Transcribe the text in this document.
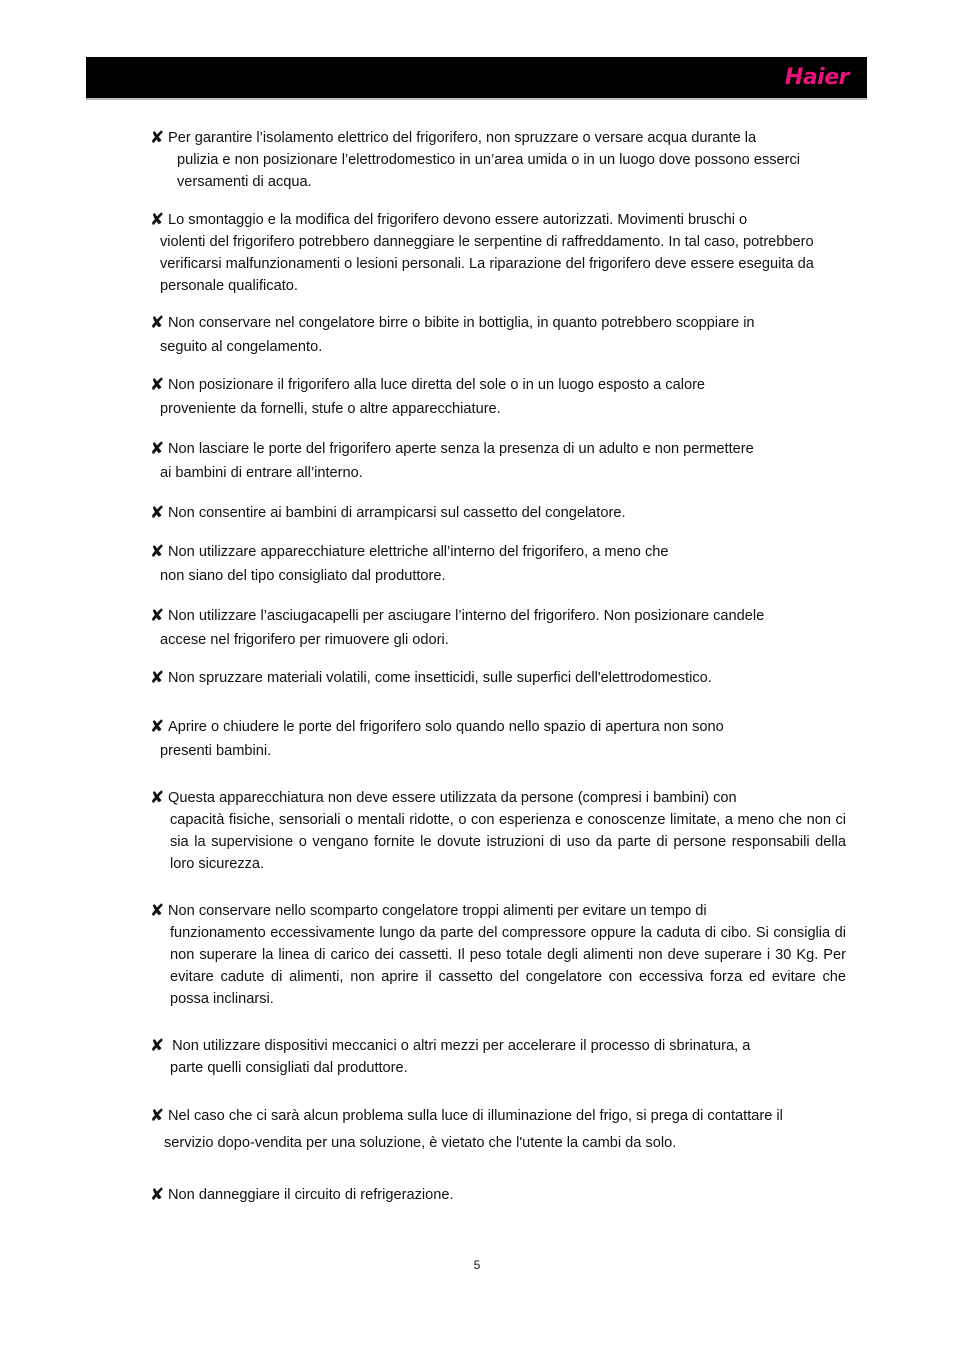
Haier

✘ Per garantire l’isolamento elettrico del frigorifero, non spruzzare o versare acqua durante la
pulizia e non posizionare l’elettrodomestico in un’area umida o in un luogo dove possono esserci versamenti di acqua.

✘ Lo smontaggio e la modifica del frigorifero devono essere autorizzati. Movimenti bruschi o
violenti del frigorifero potrebbero danneggiare le serpentine di raffreddamento. In tal caso, potrebbero verificarsi malfunzionamenti o lesioni personali. La riparazione del frigorifero deve essere eseguita da personale qualificato.

✘ Non conservare nel congelatore birre o bibite in bottiglia, in quanto potrebbero scoppiare in
seguito al congelamento.

✘ Non posizionare il frigorifero alla luce diretta del sole o in un luogo esposto a calore
proveniente da fornelli, stufe o altre apparecchiature.

✘ Non lasciare le porte del frigorifero aperte senza la presenza di un adulto e non permettere
ai bambini di entrare all’interno.

✘ Non consentire ai bambini di arrampicarsi sul cassetto del congelatore.

✘ Non utilizzare apparecchiature elettriche all’interno del frigorifero, a meno che
non siano del tipo consigliato dal produttore.

✘ Non utilizzare l’asciugacapelli per asciugare l’interno del frigorifero. Non posizionare candele
accese nel frigorifero per rimuovere gli odori.

✘ Non spruzzare materiali volatili, come insetticidi, sulle superfici dell'elettrodomestico.

✘ Aprire o chiudere le porte del frigorifero solo quando nello spazio di apertura non sono
presenti bambini.

✘ Questa apparecchiatura non deve essere utilizzata da persone (compresi i bambini) con
capacità fisiche, sensoriali o mentali ridotte, o con esperienza e conoscenze limitate, a meno che non ci sia la supervisione o vengano fornite le dovute istruzioni di uso da parte di persone responsabili della loro sicurezza.

✘ Non conservare nello scomparto congelatore troppi alimenti per evitare un tempo di
funzionamento eccessivamente lungo da parte del compressore oppure la caduta di cibo. Si consiglia di non superare la linea di carico dei cassetti. Il peso totale degli alimenti non deve superare i 30 Kg. Per evitare cadute di alimenti, non aprire il cassetto del congelatore con eccessiva forza ed evitare che possa inclinarsi.

✘ Non utilizzare dispositivi meccanici o altri mezzi per accelerare il processo di sbrinatura, a
parte quelli consigliati dal produttore.

✘ Nel caso che ci sarà alcun problema sulla luce di illuminazione del frigo, si prega di contattare il
servizio dopo-vendita per una soluzione, è vietato che l'utente la cambi da solo.

✘ Non danneggiare il circuito di refrigerazione.

5
